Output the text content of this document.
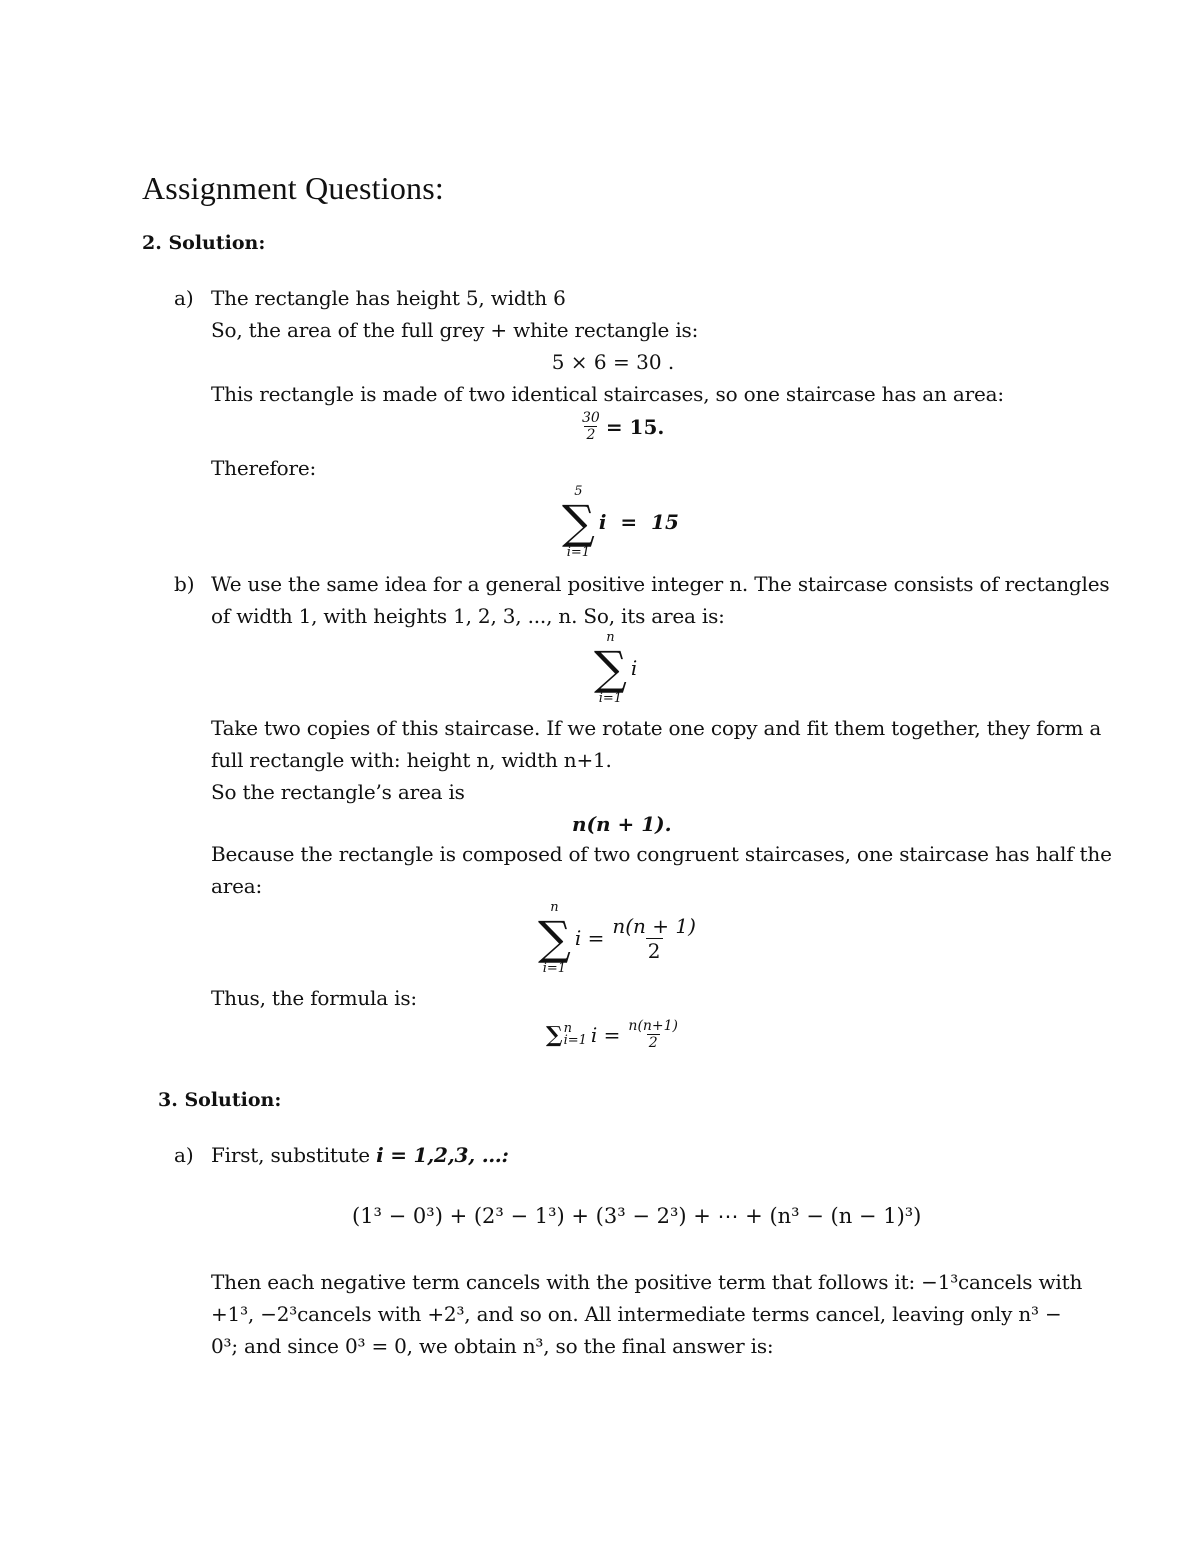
Assignment Questions:
2. Solution:
a) The rectangle has height 5, width 6
So, the area of the full grey + white rectangle is:
5 × 6 = 30 .
This rectangle is made of two identical staircases, so one staircase has an area:
$\frac{30}{2} = 15$.
Therefore:
5
∑
i=1
i  =  15
b) We use the same idea for a general positive integer n. The staircase consists of rectangles
of width 1, with heights 1, 2, 3, ..., n. So, its area is:
n
∑
i=1
i
Take two copies of this staircase. If we rotate one copy and fit them together, they form a
full rectangle with: height n, width n+1.
So the rectangle’s area is
n(n + 1).
Because the rectangle is composed of two congruent staircases, one staircase has half the
area:
n
∑
i=1
$i = \frac{n(n + 1)}{2}$
Thus, the formula is:
∑ n
i=1 $i = \frac{n(n+1)}{2}$
3. Solution:
a) First, substitute i = 1,2,3, …:
(1³ − 0³) + (2³ − 1³) + (3³ − 2³) + ⋯ + (n³ − (n − 1)³)
Then each negative term cancels with the positive term that follows it: −1³cancels with
+1³, −2³cancels with +2³, and so on. All intermediate terms cancel, leaving only n³ −
0³; and since 0³ = 0, we obtain n³, so the final answer is:
